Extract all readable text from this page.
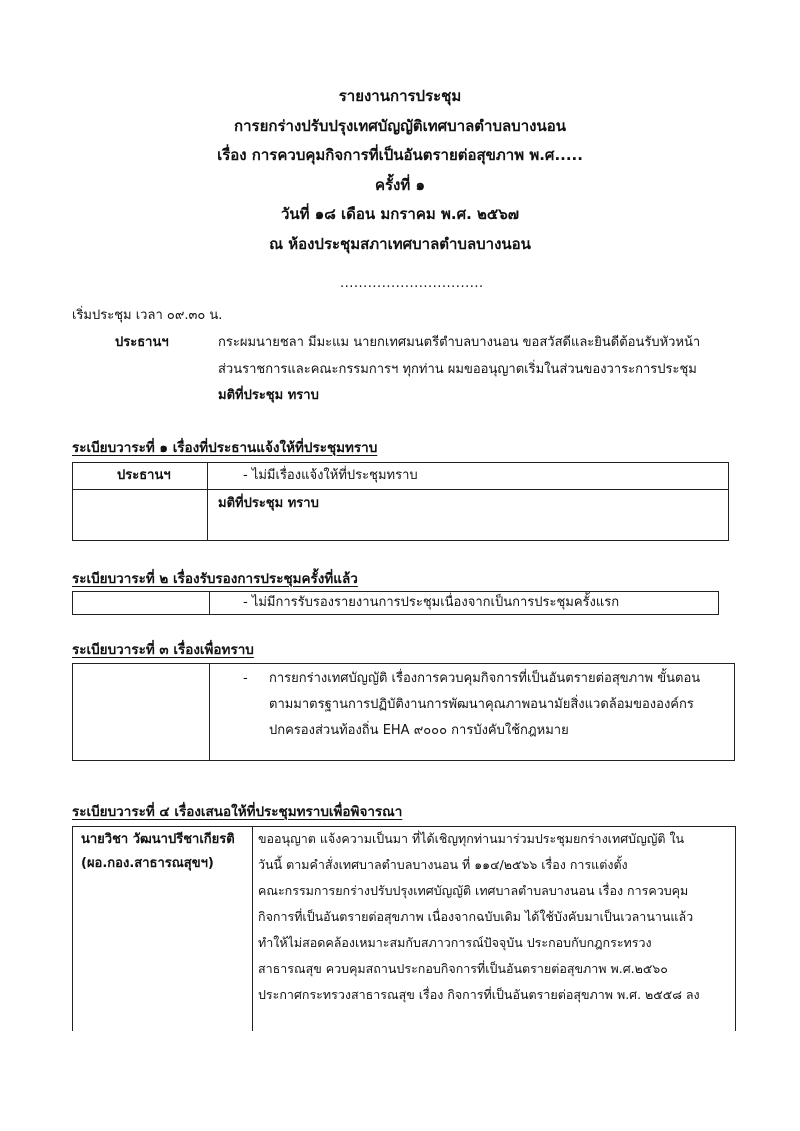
รายงานการประชุม
การยกร่างปรับปรุงเทศบัญญัติเทศบาลตำบลบางนอน
เรื่อง การควบคุมกิจการที่เป็นอันตรายต่อสุขภาพ พ.ศ.....
ครั้งที่ ๑
วันที่ ๑๘ เดือน มกราคม พ.ศ. ๒๕๖๗
ณ ห้องประชุมสภาเทศบาลตำบลบางนอน
...............................
เริ่มประชุม เวลา ๐๙.๓๐ น.
ประธานฯ	กระผมนายชลา มีมะแม นายกเทศมนตรีตำบลบางนอน ขอสวัสดีและยินดีต้อนรับหัวหน้า
ส่วนราชการและคณะกรรมการฯ ทุกท่าน ผมขออนุญาตเริ่มในส่วนของวาระการประชุม
มติที่ประชุม ทราบ
ระเบียบวาระที่ ๑ เรื่องที่ประธานแจ้งให้ที่ประชุมทราบ
ประธานฯ	- ไม่มีเรื่องแจ้งให้ที่ประชุมทราบ
มติที่ประชุม ทราบ
ระเบียบวาระที่ ๒ เรื่องรับรองการประชุมครั้งที่แล้ว
- ไม่มีการรับรองรายงานการประชุมเนื่องจากเป็นการประชุมครั้งแรก
ระเบียบวาระที่ ๓ เรื่องเพื่อทราบ
- การยกร่างเทศบัญญัติ เรื่องการควบคุมกิจการที่เป็นอันตรายต่อสุขภาพ ขั้นตอน
ตามมาตรฐานการปฏิบัติงานการพัฒนาคุณภาพอนามัยสิ่งแวดล้อมขององค์กร
ปกครองส่วนท้องถิ่น EHA ๙๐๐๐ การบังคับใช้กฎหมาย
ระเบียบวาระที่ ๔ เรื่องเสนอให้ที่ประชุมทราบเพื่อพิจารณา
นายวิชา วัฒนาปรีชาเกียรติ
(ผอ.กอง.สาธารณสุขฯ)
ขออนุญาต แจ้งความเป็นมา ที่ได้เชิญทุกท่านมาร่วมประชุมยกร่างเทศบัญญัติ ใน
วันนี้ ตามคำสั่งเทศบาลตำบลบางนอน ที่ ๑๑๔/๒๕๖๖ เรื่อง การแต่งตั้ง
คณะกรรมการยกร่างปรับปรุงเทศบัญญัติ เทศบาลตำบลบางนอน เรื่อง การควบคุม
กิจการที่เป็นอันตรายต่อสุขภาพ เนื่องจากฉบับเดิม ได้ใช้บังคับมาเป็นเวลานานแล้ว
ทำให้ไม่สอดคล้องเหมาะสมกับสภาวการณ์ปัจจุบัน ประกอบกับกฎกระทรวง
สาธารณสุข ควบคุมสถานประกอบกิจการที่เป็นอันตรายต่อสุขภาพ พ.ศ.๒๕๖๐
ประกาศกระทรวงสาธารณสุข เรื่อง กิจการที่เป็นอันตรายต่อสุขภาพ พ.ศ. ๒๕๕๘ ลง
